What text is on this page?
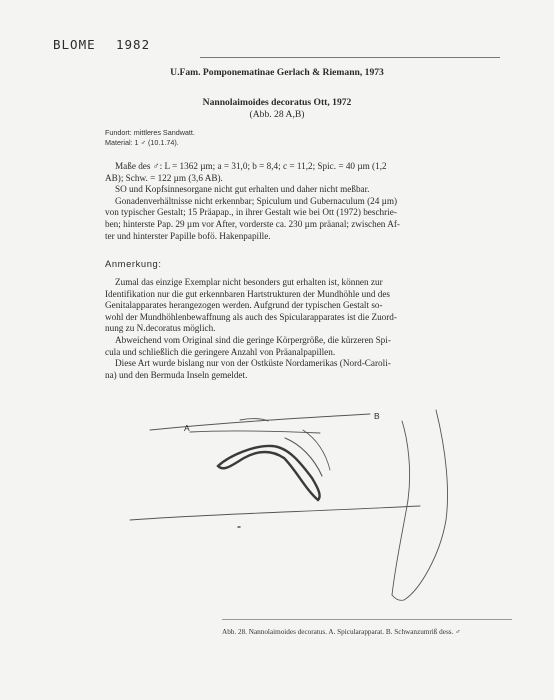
BLOME 1982
U.Fam. Pomponematinae Gerlach & Riemann, 1973
Nannolaimoides decoratus Ott, 1972
(Abb. 28 A,B)
Fundort: mittleres Sandwatt.
Material: 1 ♂ (10.1.74).

Maße des ♂: L = 1362 µm; a = 31,0; b = 8,4; c = 11,2; Spic. = 40 µm (1,2

AB); Schw. = 122 µm (3,6 AB).

SO und Kopfsinnesorgane nicht gut erhalten und daher nicht meßbar.

Gonadenverhältnisse nicht erkennbar; Spiculum und Gubernaculum (24 µm)

von typischer Gestalt; 15 Präapap., in ihrer Gestalt wie bei Ott (1972) beschrie-

ben; hinterste Pap. 29 µm vor After, vorderste ca. 230 µm präanal; zwischen Af-

ter und hinterster Papille bofö. Hakenpapille.

Anmerkung:

Zumal das einzige Exemplar nicht besonders gut erhalten ist, können zur

Identifikation nur die gut erkennbaren Hartstrukturen der Mundhöhle und des

Genitalapparates herangezogen werden. Aufgrund der typischen Gestalt so-

wohl der Mundhöhlenbewaffnung als auch des Spicularapparates ist die Zuord-

nung zu N.decoratus möglich.

Abweichend vom Original sind die geringe Körpergröße, die kürzeren Spi-

cula und schließlich die geringere Anzahl von Präanalpapillen.

Diese Art wurde bislang nur von der Ostküste Nordamerikas (Nord-Caroli-

na) und den Bermuda Inseln gemeldet.

A
B
Abb. 28. Nannolaimoides decoratus. A. Spicularapparat. B. Schwanzumriß dess. ♂
